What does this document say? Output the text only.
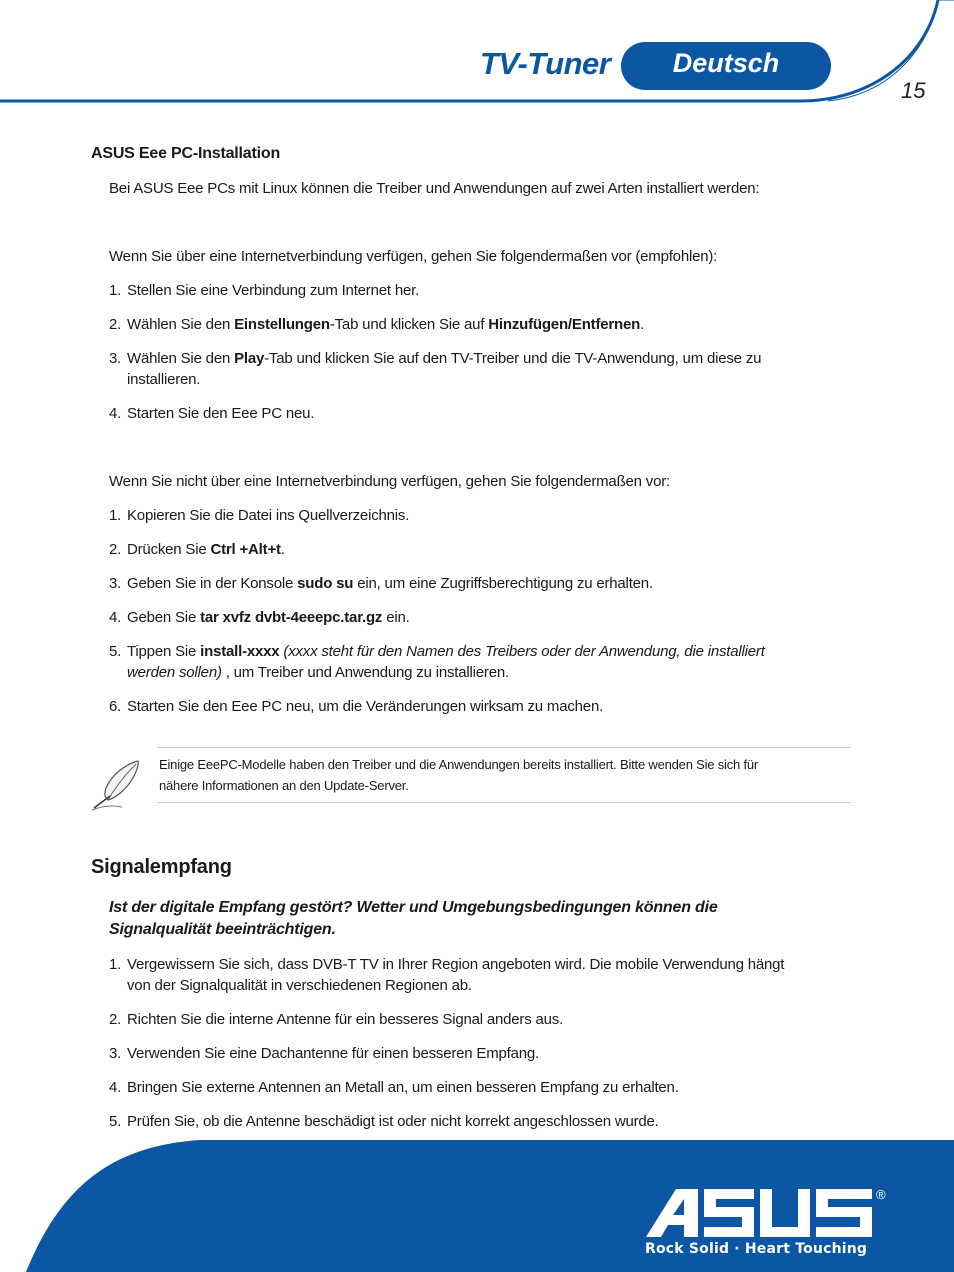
TV-Tuner	Deutsch
15
ASUS Eee PC-Installation
Bei ASUS Eee PCs mit Linux können die Treiber und Anwendungen auf zwei Arten installiert werden:
Wenn Sie über eine Internetverbindung verfügen, gehen Sie folgendermaßen vor (empfohlen):
1. Stellen Sie eine Verbindung zum Internet her.
2. Wählen Sie den Einstellungen-Tab und klicken Sie auf Hinzufügen/Entfernen.
3. Wählen Sie den Play-Tab und klicken Sie auf den TV-Treiber und die TV-Anwendung, um diese zu
installieren.
4. Starten Sie den Eee PC neu.
Wenn Sie nicht über eine Internetverbindung verfügen, gehen Sie folgendermaßen vor:
1. Kopieren Sie die Datei ins Quellverzeichnis.
2. Drücken Sie Ctrl +Alt+t.
3. Geben Sie in der Konsole sudo su ein, um eine Zugriffsberechtigung zu erhalten.
4. Geben Sie tar xvfz dvbt-4eeepc.tar.gz ein.
5. Tippen Sie install-xxxx (xxxx steht für den Namen des Treibers oder der Anwendung, die installiert
werden sollen) , um Treiber und Anwendung zu installieren.
6. Starten Sie den Eee PC neu, um die Veränderungen wirksam zu machen.
Einige EeePC-Modelle haben den Treiber und die Anwendungen bereits installiert. Bitte wenden Sie sich für
nähere Informationen an den Update-Server.
Signalempfang
Ist der digitale Empfang gestört? Wetter und Umgebungsbedingungen können die
Signalqualität beeinträchtigen.
1. Vergewissern Sie sich, dass DVB-T TV in Ihrer Region angeboten wird. Die mobile Verwendung hängt
von der Signalqualität in verschiedenen Regionen ab.
2. Richten Sie die interne Antenne für ein besseres Signal anders aus.
3. Verwenden Sie eine Dachantenne für einen besseren Empfang.
4. Bringen Sie externe Antennen an Metall an, um einen besseren Empfang zu erhalten.
5. Prüfen Sie, ob die Antenne beschädigt ist oder nicht korrekt angeschlossen wurde.
®
Rock Solid · Heart Touching
